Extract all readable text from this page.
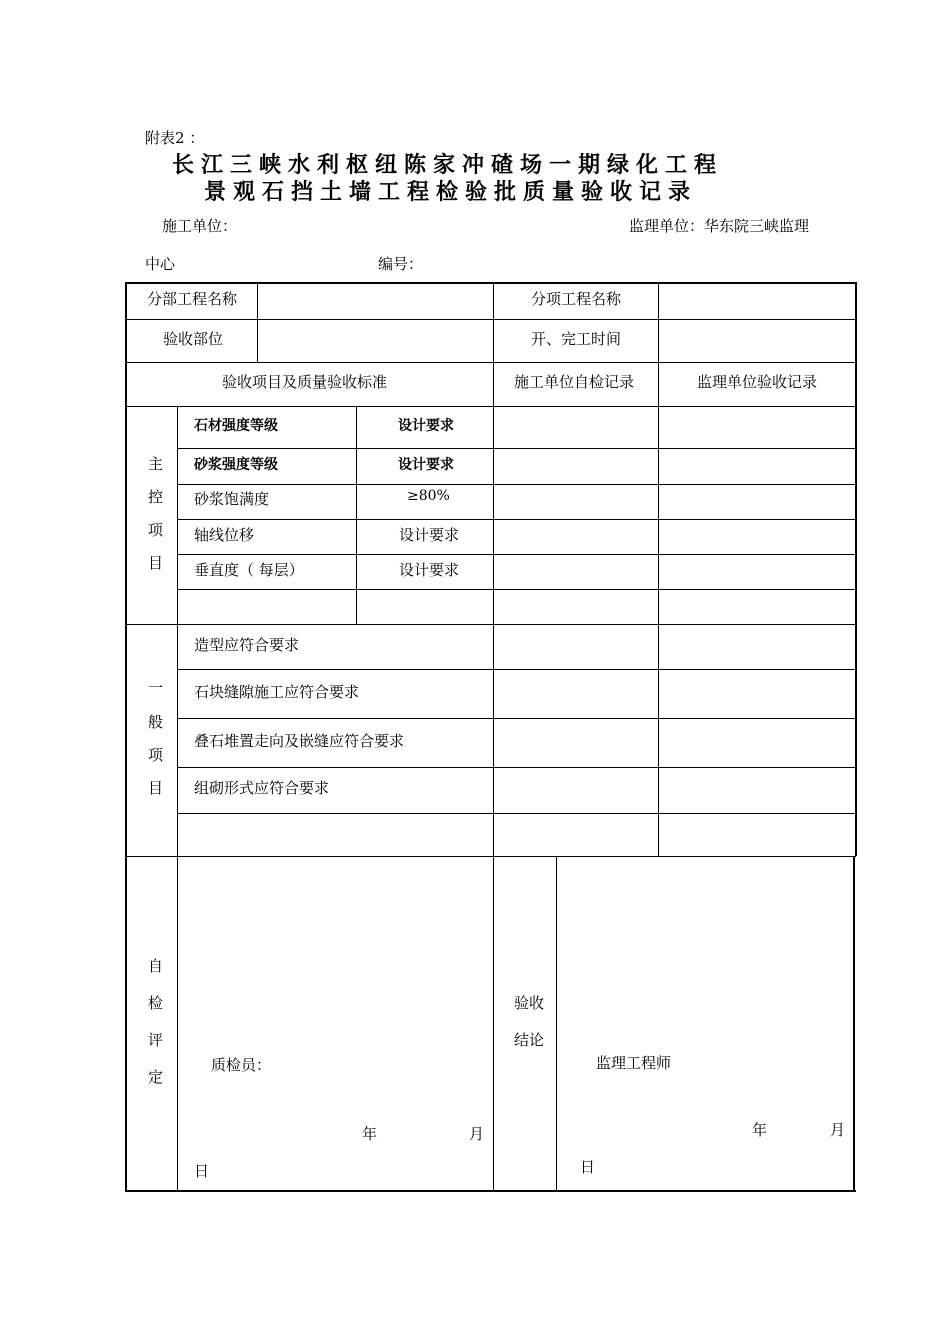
附表2 ：
长江三峡水利枢纽陈家冲碴场一期绿化工程
景观石挡土墙工程检验批质量验收记录
施工单位：	监理单位：华东院三峡监理
中心	编号：
分部工程名称	分项工程名称
验收部位	开、完工时间
验收项目及质量验收标准	施工单位自检记录	监理单位验收记录
主
控
项
目
石材强度等级	设计要求
砂浆强度等级	设计要求
砂浆饱满度	≥80%
轴线位移	设计要求
垂直度（ 每层）	设计要求
一
般
项
目
造型应符合要求
石块缝隙施工应符合要求
叠石堆置走向及嵌缝应符合要求
组砌形式应符合要求
自
检
评
定
质检员：
年	月
日
验收
结论
监理工程师
年	月
日
